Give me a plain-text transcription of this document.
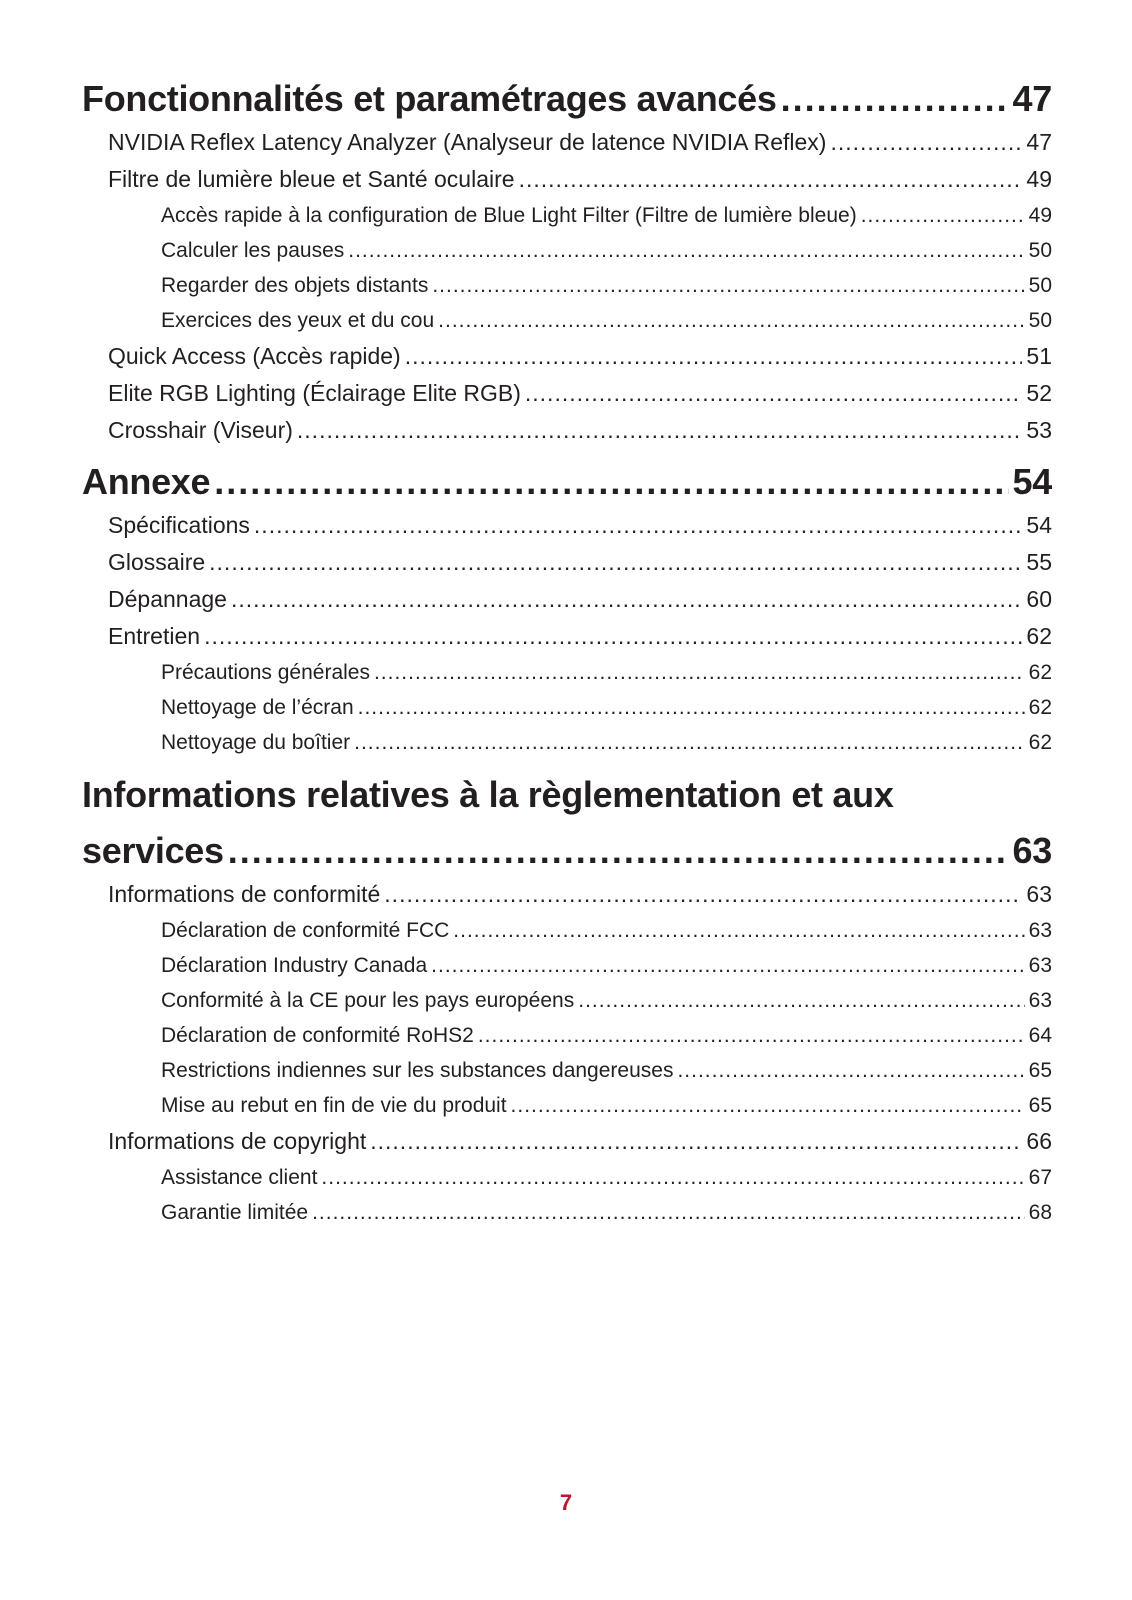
Fonctionnalités et paramétrages avancés .....	47
NVIDIA Reflex Latency Analyzer (Analyseur de latence NVIDIA Reflex) .....	47
Filtre de lumière bleue et Santé oculaire .....	49
Accès rapide à la configuration de Blue Light Filter (Filtre de lumière bleue) .....	49
Calculer les pauses .....	50
Regarder des objets distants .....	50
Exercices des yeux et du cou .....	50
Quick Access (Accès rapide) .....	51
Elite RGB Lighting (Éclairage Elite RGB) .....	52
Crosshair (Viseur) .....	53
Annexe .....	54
Spécifications .....	54
Glossaire .....	55
Dépannage .....	60
Entretien .....	62
Précautions générales .....	62
Nettoyage de l’écran .....	62
Nettoyage du boîtier .....	62
Informations relatives à la règlementation et aux
services .....	63
Informations de conformité .....	63
Déclaration de conformité FCC .....	63
Déclaration Industry Canada .....	63
Conformité à la CE pour les pays européens .....	63
Déclaration de conformité RoHS2 .....	64
Restrictions indiennes sur les substances dangereuses .....	65
Mise au rebut en fin de vie du produit .....	65
Informations de copyright .....	66
Assistance client .....	67
Garantie limitée .....	68
7
